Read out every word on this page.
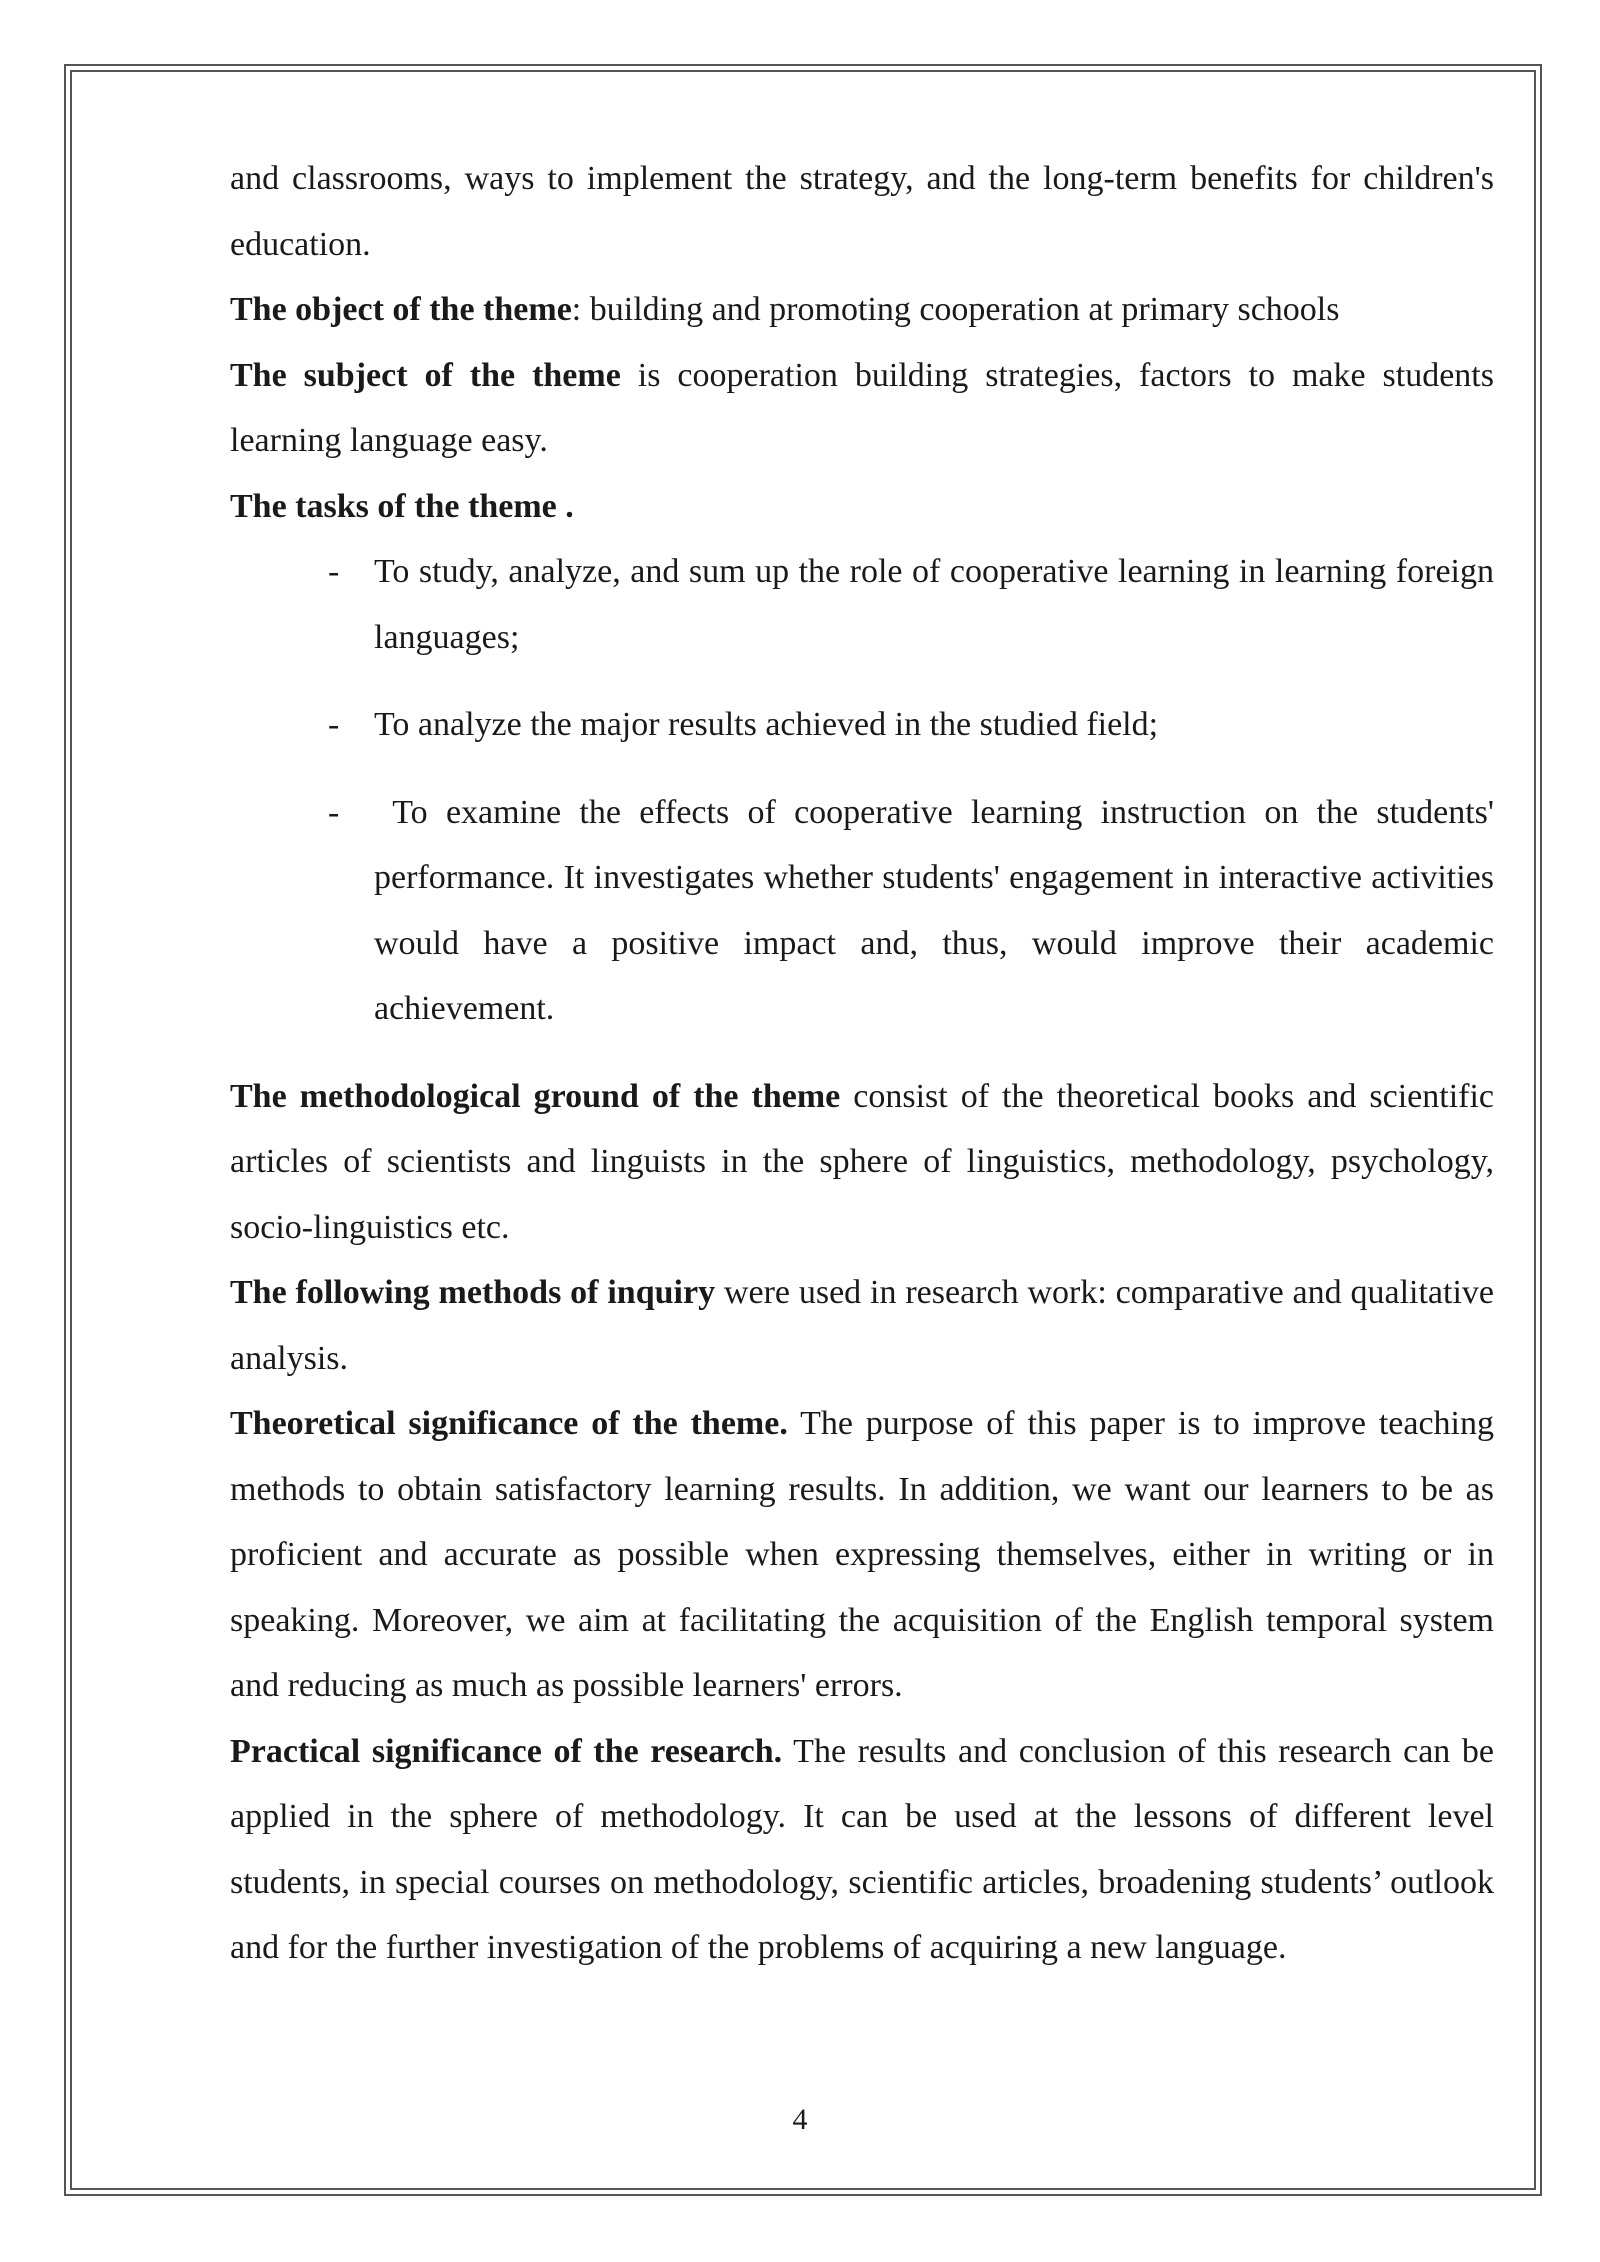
and classrooms, ways to implement the strategy, and the long-term benefits for children's education.

The object of the theme: building and promoting cooperation at primary schools

The subject of the theme is cooperation building strategies, factors to make students learning language easy.

The tasks of the theme .

-	To study, analyze, and sum up the role of cooperative learning in learning foreign languages;
-	To analyze the major results achieved in the studied field;
-	To examine the effects of cooperative learning instruction on the students' performance. It investigates whether students' engagement in interactive activities would have a positive impact and, thus, would improve their academic achievement.

The methodological ground of the theme consist of the theoretical books and scientific articles of scientists and linguists in the sphere of linguistics, methodology, psychology, socio-linguistics etc.

The following methods of inquiry were used in research work: comparative and qualitative analysis.

Theoretical significance of the theme. The purpose of this paper is to improve teaching methods to obtain satisfactory learning results. In addition, we want our learners to be as proficient and accurate as possible when expressing themselves, either in writing or in speaking. Moreover, we aim at facilitating the acquisition of the English temporal system and reducing as much as possible learners' errors.

Practical significance of the research. The results and conclusion of this research can be applied in the sphere of methodology. It can be used at the lessons of different level students, in special courses on methodology, scientific articles, broadening students’ outlook and for the further investigation of the problems of acquiring a new language.

4
